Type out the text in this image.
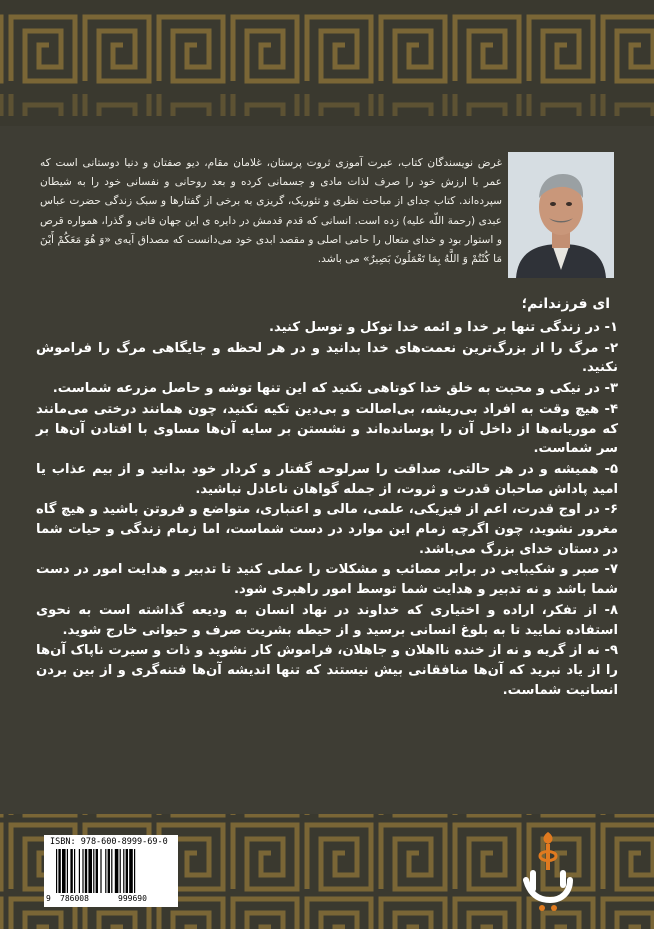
غرض نویسندگان کتاب، عبرت آموزی ثروت پرستان، غلامان مقام، دیو صفتان و دنیا دوستانی است که عمر با ارزش خود را صرف لذات مادی و جسمانی کرده و بعد روحانی و نفسانی خود را به شیطان سپرده‌اند. کتاب جدای از مباحث نظری و تئوریک، گریزی به برخی از گفتارها و سبک زندگی حضرت عباس عبدی (رحمة اللّه علیه) زده است. انسانی که قدم قدمش در دایره ی این جهان فانی و گذرا، همواره قرص و استوار بود و خدای متعال را حامی اصلی و مقصد ابدی خود می‌دانست که مصداق آیه‌ی «وَ هُوَ مَعَکُمْ أَیْنَ مَا کُنْتُمْ وَ اللَّهُ بِمَا تَعْمَلُونَ بَصِیرٌ» می باشد.
ای فرزندانم؛

۱- در زندگی تنها بر خدا و ائمه خدا توکل و توسل کنید.

۲- مرگ را از بزرگ‌ترین نعمت‌های خدا بدانید و در هر لحظه و جایگاهی مرگ را فراموش نکنید.

۳- در نیکی و محبت به خلق خدا کوتاهی نکنید که این تنها توشه و حاصل مزرعه شماست.

۴- هیچ وقت به افراد بی‌ریشه، بی‌اصالت و بی‌دین تکیه نکنید، چون همانند درختی می‌مانند که موریانه‌ها از داخل آن را پوسانده‌اند و نشستن بر سایه آن‌ها مساوی با افتادن آن‌ها بر سر شماست.

۵- همیشه و در هر حالتی، صداقت را سرلوحه گفتار و کردار خود بدانید و از بیم عذاب یا امید پاداش صاحبان قدرت و ثروت، از جمله گواهان ناعادل نباشید.

۶- در اوج قدرت، اعم از فیزیکی، علمی، مالی و اعتباری، متواضع و فروتن باشید و هیچ گاه مغرور نشوید، چون اگرچه زمام این موارد در دست شماست، اما زمام زندگی و حیات شما در دستان خدای بزرگ می‌باشد.

۷- صبر و شکیبایی در برابر مصائب و مشکلات را عملی کنید تا تدبیر و هدایت امور در دست شما باشد و نه تدبیر و هدایت شما توسط امور راهبری شود.

۸- از تفکر، اراده و اختیاری که خداوند در نهاد انسان به ودیعه گذاشته است به نحوی استفاده نمایید تا به بلوغ انسانی برسید و از حیطه بشریت صرف و حیوانی خارج شوید.

۹- نه از گریه و نه از خنده نااهلان و جاهلان، فراموش کار نشوید و ذات و سیرت ناپاک آن‌ها را از یاد نبرید که آن‌ها منافقانی بیش نیستند که تنها اندیشه آن‌ها فتنه‌گری و از بین بردن انسانیت شماست.

ISBN: 978-600-8999-69-0
9 786008	999690
